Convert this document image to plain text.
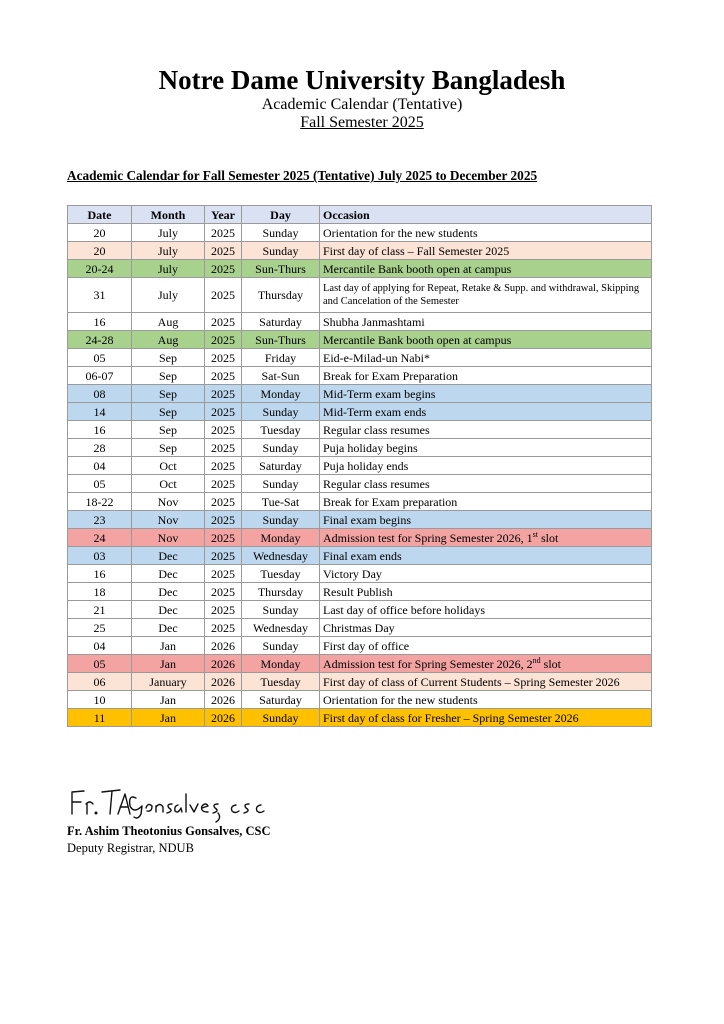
Notre Dame University Bangladesh
Academic Calendar (Tentative)
Fall Semester 2025
Academic Calendar for Fall Semester 2025 (Tentative) July 2025 to December 2025
Date	Month	Year	Day	Occasion
20	July	2025	Sunday	Orientation for the new students
20	July	2025	Sunday	First day of class – Fall Semester 2025
20-24	July	2025	Sun-Thurs	Mercantile Bank booth open at campus
31	July	2025	Thursday	Last day of applying for Repeat, Retake & Supp. and withdrawal, Skipping and Cancelation of the Semester
16	Aug	2025	Saturday	Shubha Janmashtami
24-28	Aug	2025	Sun-Thurs	Mercantile Bank booth open at campus
05	Sep	2025	Friday	Eid-e-Milad-un Nabi*
06-07	Sep	2025	Sat-Sun	Break for Exam Preparation
08	Sep	2025	Monday	Mid-Term exam begins
14	Sep	2025	Sunday	Mid-Term exam ends
16	Sep	2025	Tuesday	Regular class resumes
28	Sep	2025	Sunday	Puja holiday begins
04	Oct	2025	Saturday	Puja holiday ends
05	Oct	2025	Sunday	Regular class resumes
18-22	Nov	2025	Tue-Sat	Break for Exam preparation
23	Nov	2025	Sunday	Final exam begins
24	Nov	2025	Monday	Admission test for Spring Semester 2026, 1st slot
03	Dec	2025	Wednesday	Final exam ends
16	Dec	2025	Tuesday	Victory Day
18	Dec	2025	Thursday	Result Publish
21	Dec	2025	Sunday	Last day of office before holidays
25	Dec	2025	Wednesday	Christmas Day
04	Jan	2026	Sunday	First day of office
05	Jan	2026	Monday	Admission test for Spring Semester 2026, 2nd slot
06	January	2026	Tuesday	First day of class of Current Students – Spring Semester 2026
10	Jan	2026	Saturday	Orientation for the new students
11	Jan	2026	Sunday	First day of class for Fresher – Spring Semester 2026
Fr. Ashim Theotonius Gonsalves, CSC
Deputy Registrar, NDUB
